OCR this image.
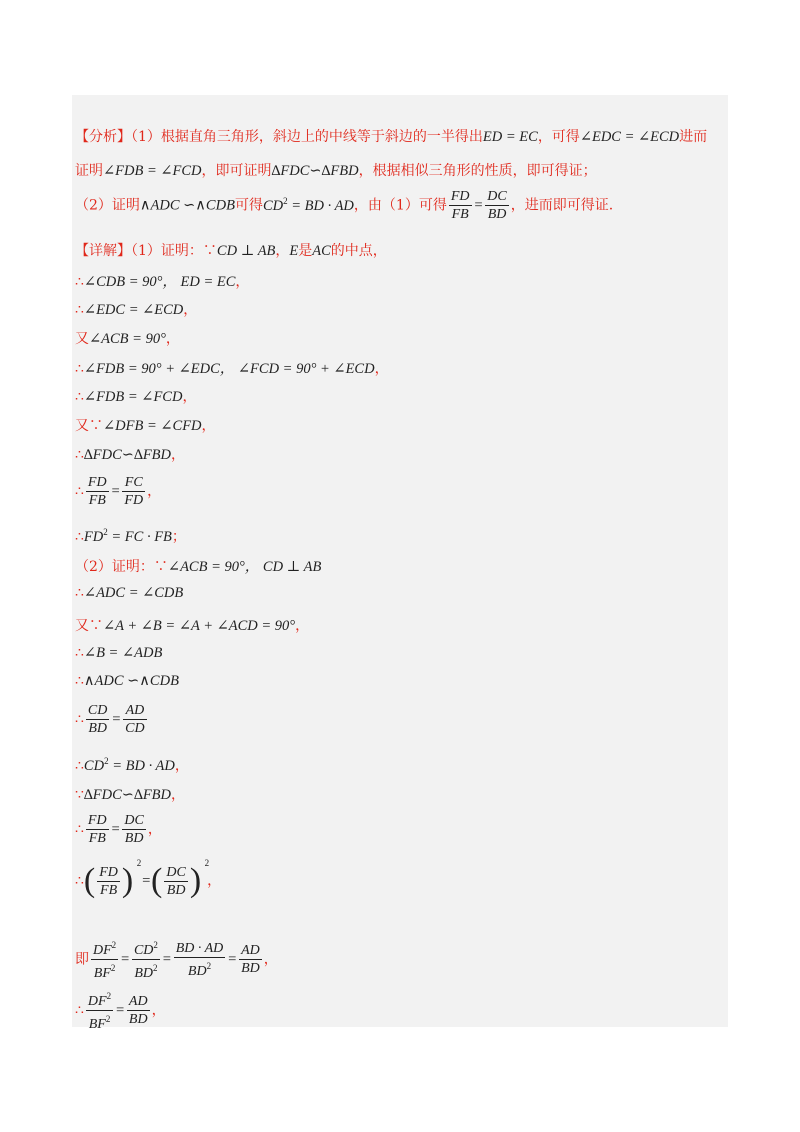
【分析】（1）根据直角三角形，斜边上的中线等于斜边的一半得出ED = EC，可得∠EDC = ∠ECD进而
证明∠FDB = ∠FCD，即可证明∆FDC∽∆FBD，根据相似三角形的性质，即可得证；
（2）证明∧ADC ∽∧CDB可得$CD^2$ = BD · AD，由（1）可得 $\frac{FD}{FB} = \frac{DC}{BD}$ ，进而即可得证.
【详解】（1）证明：∵CD ⊥ AB，E是AC的中点，
∴∠CDB = 90°， ED = EC，
∴∠EDC = ∠ECD，
又∠ACB = 90°，
∴∠FDB = 90° + ∠EDC， ∠FCD = 90° + ∠ECD，
∴∠FDB = ∠FCD，
又∵∠DFB = ∠CFD，
∴∆FDC∽∆FBD，
∴ $\frac{FD}{FB} = \frac{FC}{FD}$ ，
$\therefore FD^2$ = FC · FB；
（2）证明：∵∠ACB = 90°， CD ⊥ AB
∴∠ADC = ∠CDB
又∵∠A + ∠B = ∠A + ∠ACD = 90°，
∴∠B = ∠ADB
∴∧ADC ∽∧CDB
∴ $\frac{CD}{BD} = \frac{AD}{CD}$
$\therefore CD^2$ = BD · AD，
∵∆FDC∽∆FBD，
∴ $\frac{FD}{FB} = \frac{DC}{BD}$ ，
∴( $\frac{FD}{FB}$ ) 2
=( $\frac{DC}{BD}$ ) 2
，
即 $\frac{DF^2}{BF^2} = \frac{CD^2}{BD^2} = \frac{BD \cdot AD}{BD^2} = \frac{AD}{BD}$ ，
∴ $\frac{DF^2}{BF^2} = \frac{AD}{BD}$ ，
